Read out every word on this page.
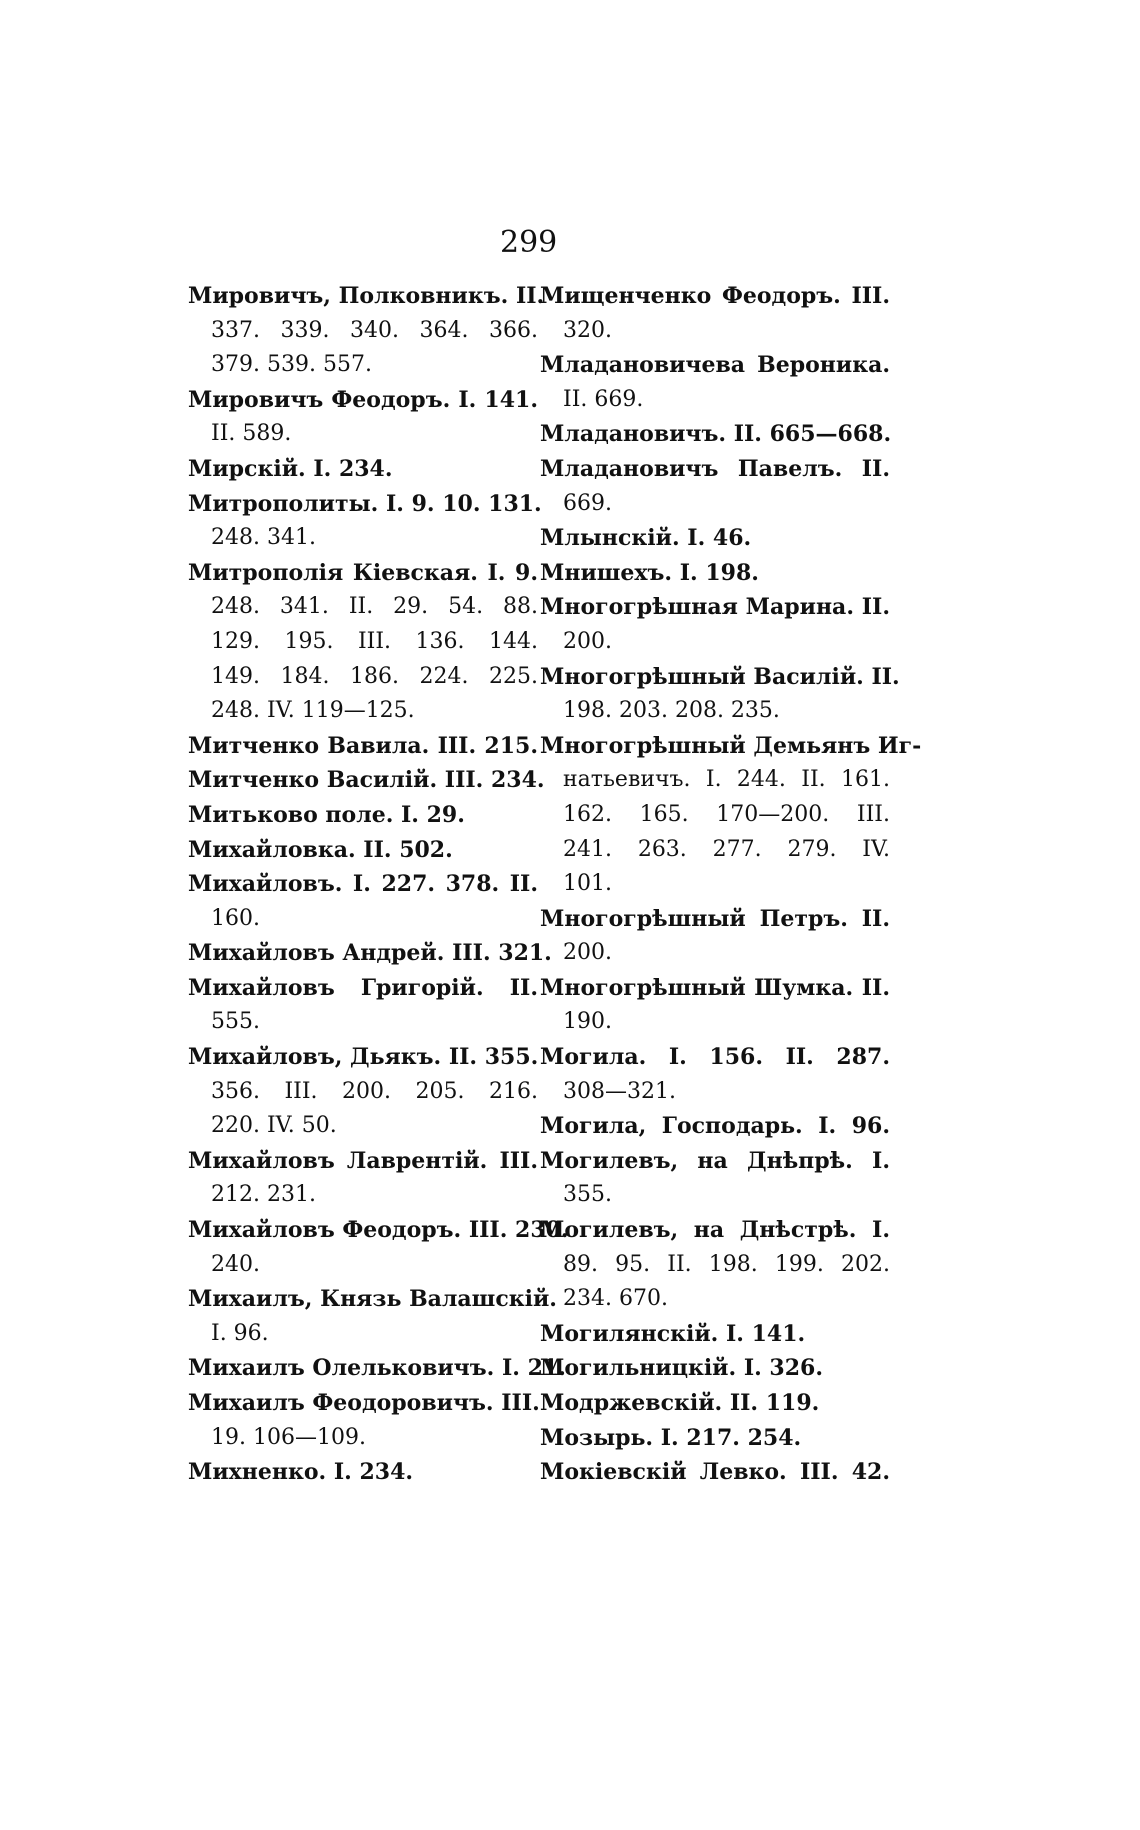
299
Мировичъ, Полковникъ. II.
337. 339. 340. 364. 366.
379. 539. 557.
Мировичъ Феодоръ. I. 141.
II. 589.
Мирскій. I. 234.
Митрополиты. I. 9. 10. 131.
248. 341.
Митрополія Кіевская. I. 9.
248. 341. II. 29. 54. 88.
129. 195. III. 136. 144.
149. 184. 186. 224. 225.
248. IV. 119—125.
Митченко Вавила. III. 215.
Митченко Василій. III. 234.
Митьково поле. I. 29.
Михайловка. II. 502.
Михайловъ. I. 227. 378. II.
160.
Михайловъ Андрей. III. 321.
Михайловъ Григорій. II.
555.
Михайловъ, Дьякъ. II. 355.
356. III. 200. 205. 216.
220. IV. 50.
Михайловъ Лаврентій. III.
212. 231.
Михайловъ Феодоръ. III. 230.
240.
Михаилъ, Князь Валашскій.
I. 96.
Михаилъ Олельковичъ. I. 21.
Михаилъ Феодоровичъ. III.
19. 106—109.
Михненко. I. 234.
Мищенченко Феодоръ. III.
320.
Младановичева Вероника.
II. 669.
Младановичъ. II. 665—668.
Младановичъ Павелъ. II.
669.
Млынскій. I. 46.
Мнишехъ. I. 198.
Многогрѣшная Марина. II.
200.
Многогрѣшный Василій. II.
198. 203. 208. 235.
Многогрѣшный Демьянъ Иг-
натьевичъ. I. 244. II. 161.
162. 165. 170—200. III.
241. 263. 277. 279. IV.
101.
Многогрѣшный Петръ. II.
200.
Многогрѣшный Шумка. II.
190.
Могила. I. 156. II. 287.
308—321.
Могила, Господарь. I. 96.
Могилевъ, на Днѣпрѣ. I.
355.
Могилевъ, на Днѣстрѣ. I.
89. 95. II. 198. 199. 202.
234. 670.
Могилянскій. I. 141.
Могильницкій. I. 326.
Модржевскій. II. 119.
Мозырь. I. 217. 254.
Мокіевскій Левко. III. 42.
